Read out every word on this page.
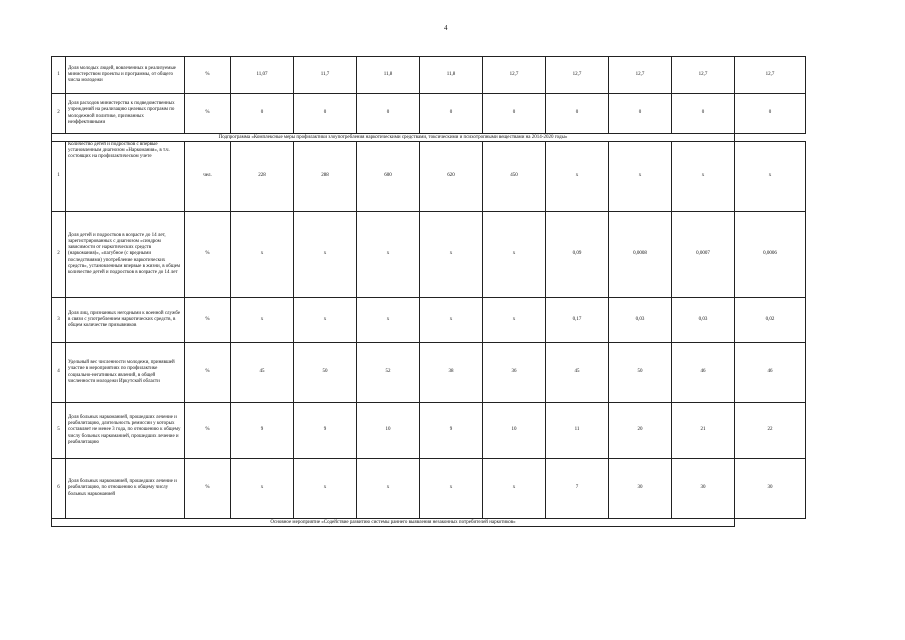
4
1	Доля молодых людей, вовлеченных в реализуемые министерством проекты и программы, от общего числа молодежи	%	11,07	11,7	11,8	11,8	12,7	12,7	12,7	12,7	12,7
2	Доля расходов министерства к подведомственных учреждений на реализацию целевых программ по молодежной политике, признанных неэффективными	%	0	0	0	0	0	0	0	0	0
Подпрограмма «Комплексные меры профилактики злоупотребления наркотическими средствами, токсическими и психотропными веществами на 2014-2020 годы»											
1	Количество детей и подростков с впервые установленным диагнозом «Наркомания», в т.ч. состоящих на профилактическом учете	чел.	228	288	600	620	450	х	х	х	х
2	Доля детей и подростков в возрасте до 14 лет, зарегистрированных с диагнозом «синдром зависимости от наркотических средств (наркомания)», «пагубное (с вредными последствиями) употребление наркотических средств», установленным впервые в жизни, в общем количестве детей и подростков в возрасте до 14 лет	%	х	х	х	х	х	0,09	0,0008	0,0007	0,0006
3	Доля лиц, признанных негодными к военной службе в связи с употреблением наркотических средств, в общем количестве призывников	%	х	х	х	х	х	0,17	0,03	0,03	0,02
4	Удельный вес численности молодежи, принявшей участие в мероприятиях по профилактике социально-негативных явлений, в общей численности молодежи Иркутской области	%	45	50	52	38	36	45	50	46	46
5	Доля больных наркоманией, прошедших лечение и реабилитацию, длительность ремиссии у которых составляет не менее 3 года, по отношению к общему числу больных наркоманией, прошедших лечение и реабилитацию	%	9	9	10	9	10	11	20	21	22
6	Доля больных наркоманией, прошедших лечение и реабилитацию, по отношению к общему числу больных наркоманией	%	х	х	х	х	х	7	30	30	30
Основное мероприятие «Содействие развитию системы раннего выявления незаконных потребителей наркотиков»											
